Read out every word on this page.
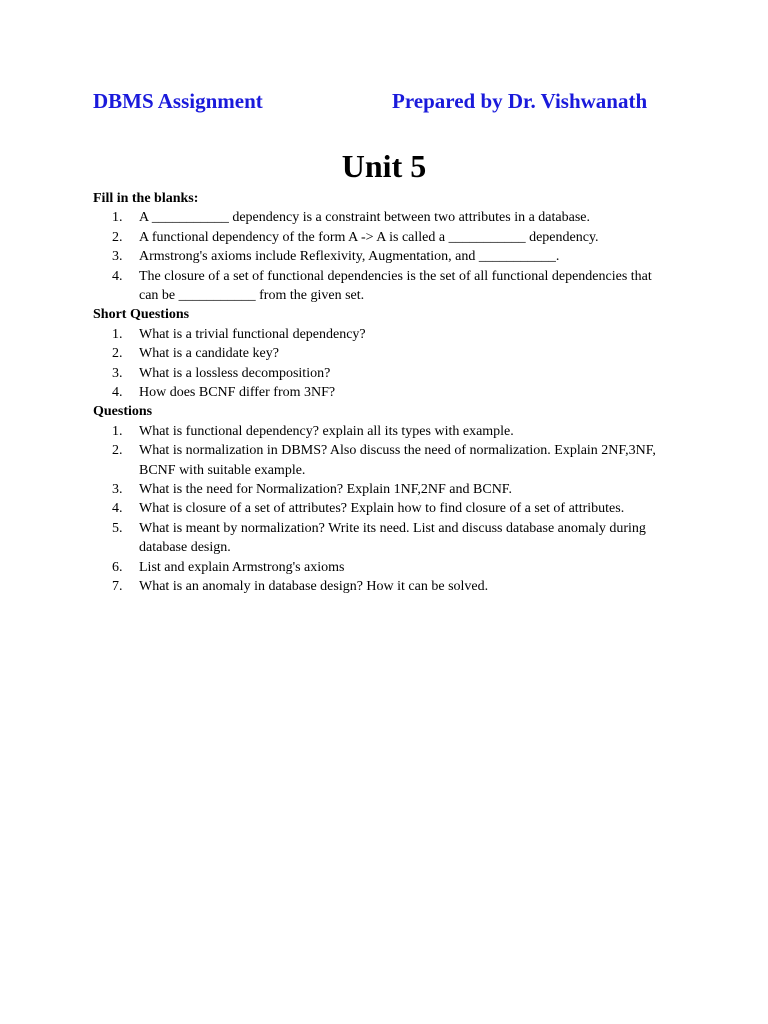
DBMS Assignment	Prepared by Dr. Vishwanath
Unit 5
Fill in the blanks:
1. A ___________ dependency is a constraint between two attributes in a database.
2. A functional dependency of the form A -> A is called a ___________ dependency.
3. Armstrong's axioms include Reflexivity, Augmentation, and ___________.
4. The closure of a set of functional dependencies is the set of all functional dependencies that can be ___________ from the given set.
Short Questions
1. What is a trivial functional dependency?
2. What is a candidate key?
3. What is a lossless decomposition?
4. How does BCNF differ from 3NF?
Questions
1. What is functional dependency? explain all its types with example.
2. What is normalization in DBMS? Also discuss the need of normalization. Explain 2NF,3NF, BCNF with suitable example.
3. What is the need for Normalization? Explain 1NF,2NF and BCNF.
4. What is closure of a set of attributes? Explain how to find closure of a set of attributes.
5. What is meant by normalization? Write its need. List and discuss database anomaly during database design.
6. List and explain Armstrong's axioms
7. What is an anomaly in database design? How it can be solved.
